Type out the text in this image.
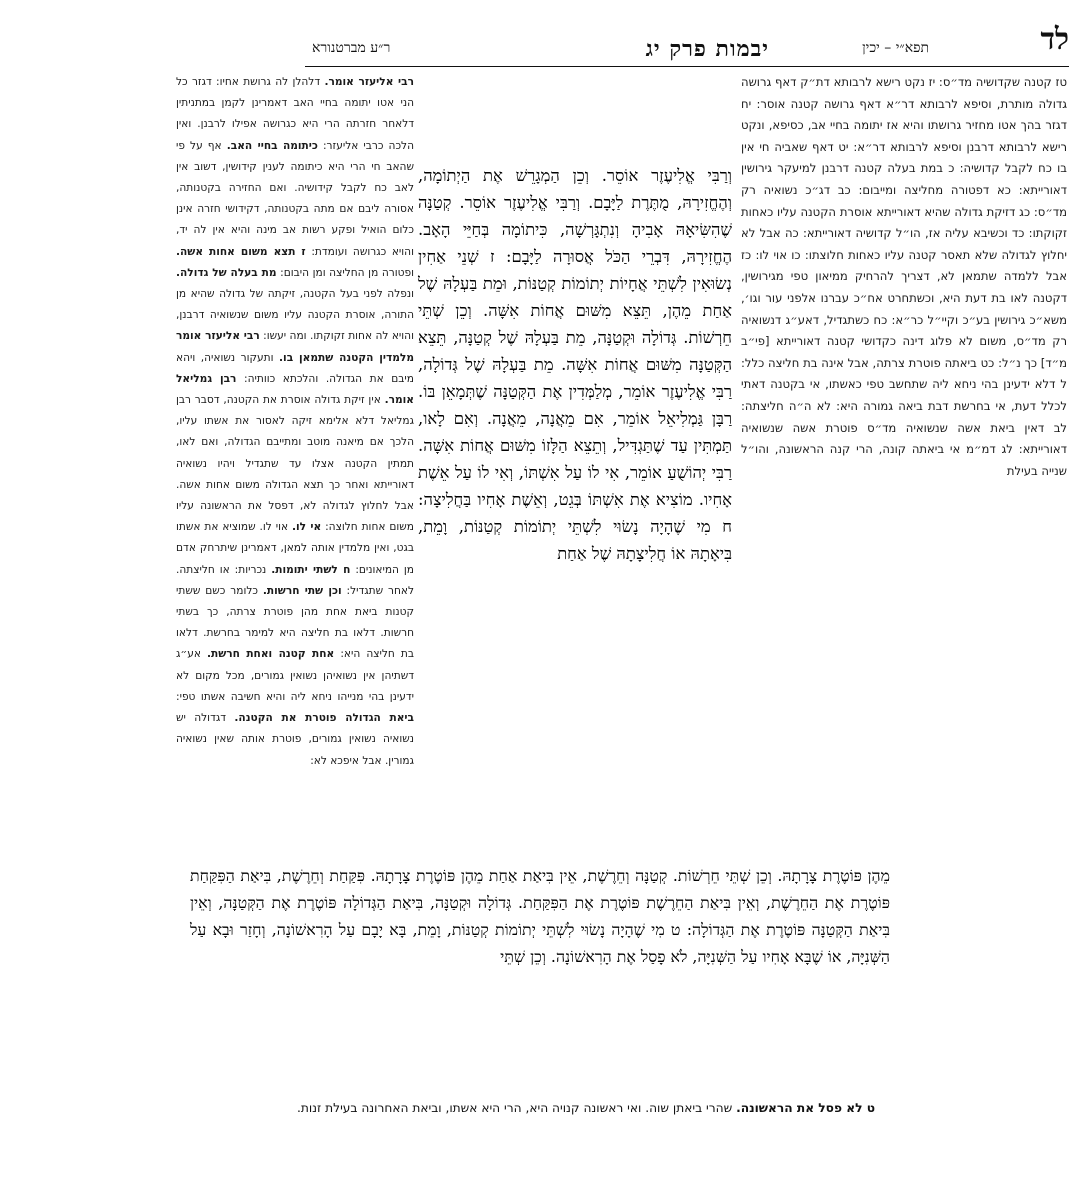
לד
תפא״י – יכין
יבמות פרק יג
ר״ע מברטנורא

טז קטנה שקדושיה מד״ס: יז נקט רישא לרבותא דת״ק דאף גרושה גדולה מותרת, וסיפא לרבותא דר״א דאף גרושה קטנה אוסר: יח דגזר בהך אטו מחזיר גרושתו והיא אז יתומה בחיי אב, כסיפא, ונקט רישא לרבותא דרבנן וסיפא לרבותא דר״א: יט דאף שאביה חי אין בו כח לקבל קדושיה: כ במת בעלה קטנה דרבנן למיעקר גירושין דאורייתא: כא דפטורה מחליצה ומייבום: כב דג״כ נשואיה רק מד״ס: כג דזיקת גדולה שהיא דאורייתא אוסרת הקטנה עליו כאחות זקוקתו: כד וכשיבא עליה אז, הו״ל קדושיה דאורייתא: כה אבל לא יחלוץ לגדולה שלא תאסר קטנה עליו כאחות חלוצתו: כו אוי לו: כז אבל ללמדה שתמאן לא, דצריך להרחיק ממיאון טפי מגירושין, דקטנה לאו בת דעת היא, וכשתחרט אח״כ עברנו אלפני עור וגו׳, משא״כ גירושין בע״כ וקיי״ל כר״א: כח כשתגדיל, דאע״ג דנשואיה רק מד״ס, משום לא פלוג דינה כקדושי קטנה דאורייתא [פי״ב מ״ד] כך נ״ל: כט ביאתה פוטרת צרתה, אבל אינה בת חליצה כלל: ל דלא ידעינן בהי ניחא ליה שתחשב טפי כאשתו, אי בקטנה דאתי לכלל דעת, אי בחרשת דבת ביאה גמורה היא: לא ה״ה חליצתה: לב דאין ביאת אשה שנשואיה מד״ס פוטרת אשה שנשואיה דאורייתא: לג דמ״מ אי ביאתה קונה, הרי קנה הראשונה, והו״ל שנייה בעילת

רבי אליעזר אומר. דלהלן לה גרושת אחיו: דגזר כל הני אטו יתומה בחיי האב דאמרינן לקמן במתניתין דלאחר חזרתה הרי היא כגרושה אפילו לרבנן. ואין הלכה כרבי אליעזר: כיתומה בחיי האב. אף על פי שהאב חי הרי היא כיתומה לענין קידושין, דשוב אין לאב כח לקבל קידושיה. ואם החזירה בקטנותה, אסורה ליבם אם מתה בקטנותה, דקידושי חזרה אינן כלום הואיל ופקע רשות אב מינה והיא אין לה יד, והויא כגרושה ועומדת: ז תצא משום אחות אשה. ופטורה מן החליצה ומן היבום: מת בעלה של גדולה. ונפלה לפני בעל הקטנה, זיקתה של גדולה שהיא מן התורה, אוסרת הקטנה עליו משום שנשואיה דרבנן, והויא לה אחות זקוקתו. ומה יעשו: רבי אליעזר אומר מלמדין הקטנה שתמאן בו. ותעקור נשואיה, ויהא מיבם את הגדולה. והלכתא כוותיה: רבן גמליאל אומר. אין זיקת גדולה אוסרת את הקטנה, דסבר רבן גמליאל דלא אלימא זיקה לאסור את אשתו עליו, הלכך אם מיאנה מוטב ומתייבם הגדולה, ואם לאו, תמתין הקטנה אצלו עד שתגדיל ויהיו נשואיה דאורייתא ואחר כך תצא הגדולה משום אחות אשה. אבל לחלוץ לגדולה לא, דפסל את הראשונה עליו משום אחות חלוצה: אי לו. אוי לו. שמוציא את אשתו בגט, ואין מלמדין אותה למאן, דאמרינן שיתרחק אדם מן המיאונים: ח לשתי יתומות. נכריות: או חליצתה. לאחר שתגדיל: וכן שתי חרשות. כלומר כשם ששתי קטנות ביאת אחת מהן פוטרת צרתה, כך בשתי חרשות. דלאו בת חליצה היא למימר בחרשת. דלאו בת חליצה היא: אחת קטנה ואחת חרשת. אע״ג דשתיהן אין נשואיהן נשואין גמורים, מכל מקום לא ידעינן בהי מנייהו ניחא ליה והיא חשיבה אשתו טפי: ביאת הגדולה פוטרת את הקטנה. דגדולה יש נשואיה נשואין גמורים, פוטרת אותה שאין נשואיה גמורין. אבל איפכא לא:

וְרַבִּי אֱלִיעֶזֶר אוֹסֵר. וְכֵן הַמְגָרֵשׁ אֶת הַיְתוֹמָה, וְהֶחֱזִירָהּ, מֻתֶּרֶת לַיָּבָם. וְרַבִּי אֱלִיעֶזֶר אוֹסֵר. קְטַנָּה שֶׁהִשִּׂיאָהּ אָבִיהָ וְנִתְגָּרְשָׁה, כִּיתוֹמָה בְּחַיֵּי הָאָב. הֶחֱזִירָהּ, דִּבְרֵי הַכֹּל אֲסוּרָה לַיָּבָם: ז שְׁנֵי אַחִין נְשׂוּאִין לִשְׁתֵּי אֲחָיוֹת יְתוֹמוֹת קְטַנּוֹת, וּמֵת בַּעְלָהּ שֶׁל אַחַת מֵהֶן, תֵּצֵא מִשּׁוּם אֲחוֹת אִשָּׁה. וְכֵן שְׁתֵּי חֵרְשׁוֹת. גְּדוֹלָה וּקְטַנָּה, מֵת בַּעְלָהּ שֶׁל קְטַנָּה, תֵּצֵא הַקְּטַנָּה מִשּׁוּם אֲחוֹת אִשָּׁה. מֵת בַּעְלָהּ שֶׁל גְּדוֹלָה, רַבִּי אֱלִיעֶזֶר אוֹמֵר, מְלַמְּדִין אֶת הַקְּטַנָּה שֶׁתְּמָאֵן בּוֹ. רַבָּן גַּמְלִיאֵל אוֹמֵר, אִם מֵאֲנָה, מֵאֲנָה. וְאִם לָאו, תַּמְתִּין עַד שֶׁתַּגְדִּיל, וְתֵצֵא הַלָּזוֹ מִשּׁוּם אֲחוֹת אִשָּׁה. רַבִּי יְהוֹשֻׁעַ אוֹמֵר, אִי לוֹ עַל אִשְׁתּוֹ, וְאִי לוֹ עַל אֵשֶׁת אָחִיו. מוֹצִיא אֶת אִשְׁתּוֹ בְּגֵט, וְאֵשֶׁת אָחִיו בַּחֲלִיצָה: ח מִי שֶׁהָיָה נָשׂוּי לִשְׁתֵּי יְתוֹמוֹת קְטַנּוֹת, וָמֵת, בִּיאָתָהּ אוֹ חֲלִיצָתָהּ שֶׁל אַחַת

מֵהֶן פּוֹטֶרֶת צָרָתָהּ. וְכֵן שְׁתֵּי חֵרְשׁוֹת. קְטַנָּה וְחֵרֶשֶׁת, אֵין בִּיאַת אַחַת מֵהֶן פּוֹטֶרֶת צָרָתָהּ. פִּקַּחַת וְחֵרֶשֶׁת, בִּיאַת הַפִּקַּחַת פּוֹטֶרֶת אֶת הַחֵרֶשֶׁת, וְאֵין בִּיאַת הַחֵרֶשֶׁת פּוֹטֶרֶת אֶת הַפִּקַּחַת. גְּדוֹלָה וּקְטַנָּה, בִּיאַת הַגְּדוֹלָה פּוֹטֶרֶת אֶת הַקְּטַנָּה, וְאֵין בִּיאַת הַקְּטַנָּה פּוֹטֶרֶת אֶת הַגְּדוֹלָה: ט מִי שֶׁהָיָה נָשׂוּי לִשְׁתֵּי יְתוֹמוֹת קְטַנּוֹת, וָמֵת, בָּא יָבָם עַל הָרִאשׁוֹנָה, וְחָזַר וּבָא עַל הַשְּׁנִיָּה, אוֹ שֶׁבָּא אָחִיו עַל הַשְּׁנִיָּה, לֹא פָסַל אֶת הָרִאשׁוֹנָה. וְכֵן שְׁתֵּי

ט לא פסל את הראשונה. שהרי ביאתן שוה. ואי ראשונה קנויה היא, הרי היא אשתו, וביאת האחרונה בעילת זנות.
